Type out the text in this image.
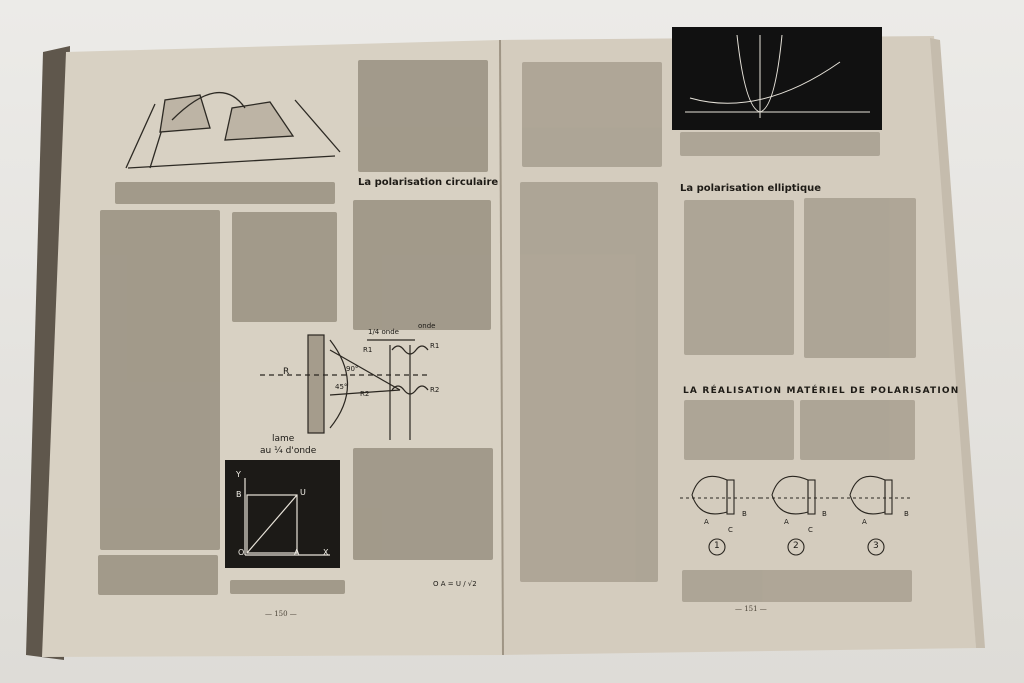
La polarisation circulaire
1/4 onde
onde
R
R1	R1
R2	R2
90°
45°
lame
au ¼ d'onde
Y
B	U
O	A	X
O A = U / √2
— 150 —
La polarisation elliptique
LA RÉALISATION MATÉRIEL DE POLARISATION
1	2	3
A
B
C
A
B
C
A
B
— 151 —
